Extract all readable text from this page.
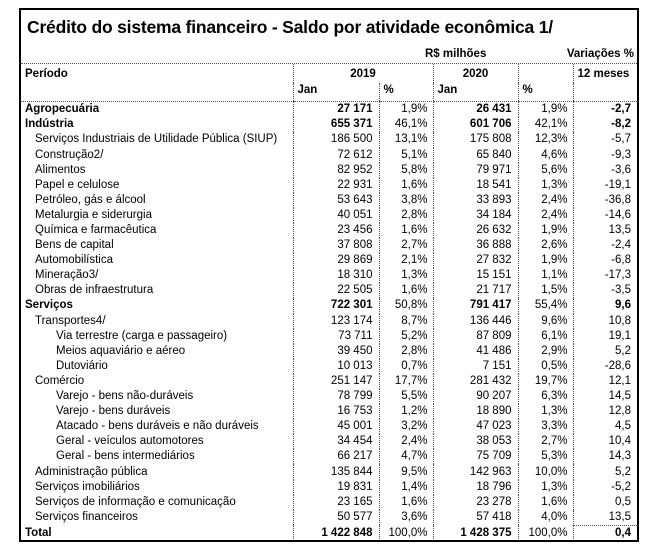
Crédito do sistema financeiro - Saldo por atividade econômica 1/
R$ milhões	Variações %
Período	2019		2020		12 meses
	Jan	%	Jan	%	
Agropecuária	27 171	1,9%	26 431	1,9%	-2,7
Indústria	655 371	46,1%	601 706	42,1%	-8,2
Serviços Industriais de Utilidade Pública (SIUP)	186 500	13,1%	175 808	12,3%	-5,7
Construção2/	72 612	5,1%	65 840	4,6%	-9,3
Alimentos	82 952	5,8%	79 971	5,6%	-3,6
Papel e celulose	22 931	1,6%	18 541	1,3%	-19,1
Petróleo, gás e álcool	53 643	3,8%	33 893	2,4%	-36,8
Metalurgia e siderurgia	40 051	2,8%	34 184	2,4%	-14,6
Química e farmacêutica	23 456	1,6%	26 632	1,9%	13,5
Bens de capital	37 808	2,7%	36 888	2,6%	-2,4
Automobilística	29 869	2,1%	27 832	1,9%	-6,8
Mineração3/	18 310	1,3%	15 151	1,1%	-17,3
Obras de infraestrutura	22 505	1,6%	21 717	1,5%	-3,5
Serviços	722 301	50,8%	791 417	55,4%	9,6
Transportes4/	123 174	8,7%	136 446	9,6%	10,8
Via terrestre (carga e passageiro)	73 711	5,2%	87 809	6,1%	19,1
Meios aquaviário e aéreo	39 450	2,8%	41 486	2,9%	5,2
Dutoviário	10 013	0,7%	7 151	0,5%	-28,6
Comércio	251 147	17,7%	281 432	19,7%	12,1
Varejo - bens não-duráveis	78 799	5,5%	90 207	6,3%	14,5
Varejo - bens duráveis	16 753	1,2%	18 890	1,3%	12,8
Atacado - bens duráveis e não duráveis	45 001	3,2%	47 023	3,3%	4,5
Geral - veículos automotores	34 454	2,4%	38 053	2,7%	10,4
Geral - bens intermediários	66 217	4,7%	75 709	5,3%	14,3
Administração pública	135 844	9,5%	142 963	10,0%	5,2
Serviços imobiliários	19 831	1,4%	18 796	1,3%	-5,2
Serviços de informação e comunicação	23 165	1,6%	23 278	1,6%	0,5
Serviços financeiros	50 577	3,6%	57 418	4,0%	13,5
Total	1 422 848	100,0%	1 428 375	100,0%	0,4
